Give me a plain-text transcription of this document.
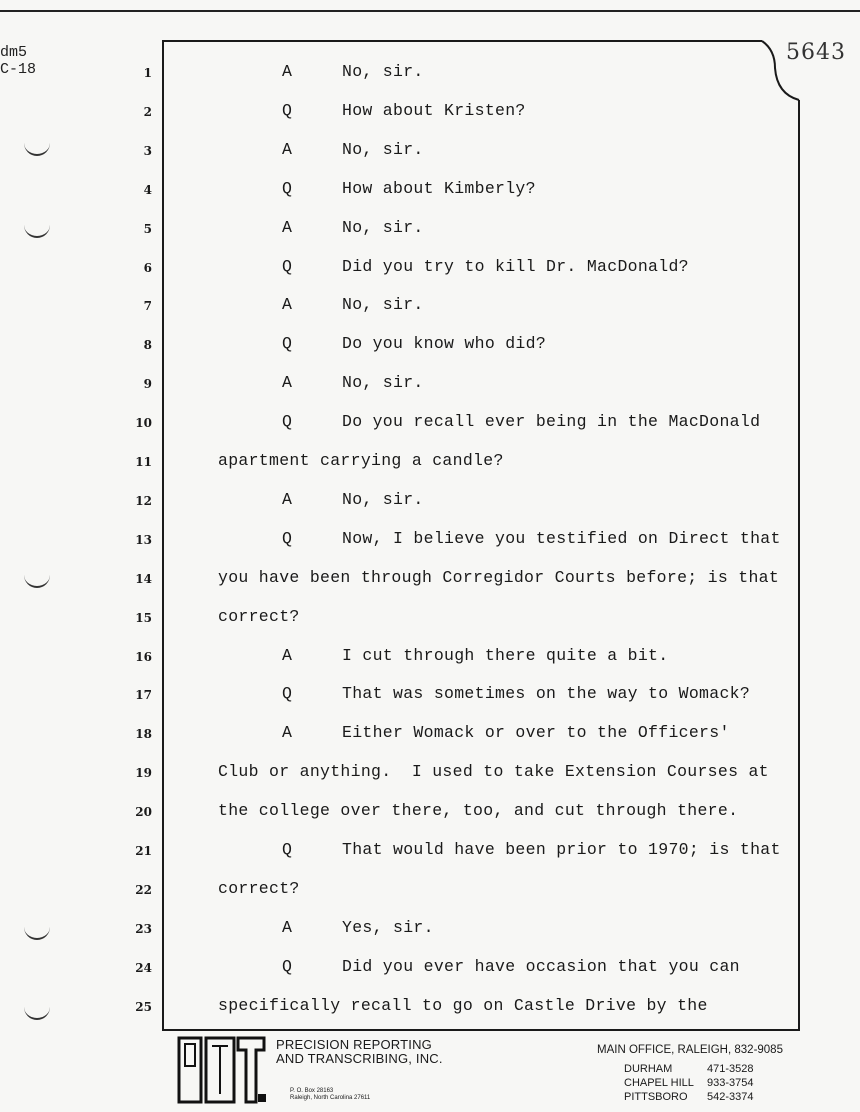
dm5
C-18
5643
1	A	No, sir.
2	Q	How about Kristen?
3	A	No, sir.
4	Q	How about Kimberly?
5	A	No, sir.
6	Q	Did you try to kill Dr. MacDonald?
7	A	No, sir.
8	Q	Do you know who did?
9	A	No, sir.
10	Q	Do you recall ever being in the MacDonald
11	apartment carrying a candle?
12	A	No, sir.
13	Q	Now, I believe you testified on Direct that
14	you have been through Corregidor Courts before; is that
15	correct?
16	A	I cut through there quite a bit.
17	Q	That was sometimes on the way to Womack?
18	A	Either Womack or over to the Officers'
19	Club or anything.  I used to take Extension Courses at
20	the college over there, too, and cut through there.
21	Q	That would have been prior to 1970; is that
22	correct?
23	A	Yes, sir.
24	Q	Did you ever have occasion that you can
25	specifically recall to go on Castle Drive by the
PRECISION REPORTING
AND TRANSCRIBING, INC.
P. O. Box 28163
Raleigh, North Carolina 27611
MAIN OFFICE, RALEIGH, 832-9085
DURHAM	471-3528
CHAPEL HILL 933-3754
PITTSBORO 542-3374
